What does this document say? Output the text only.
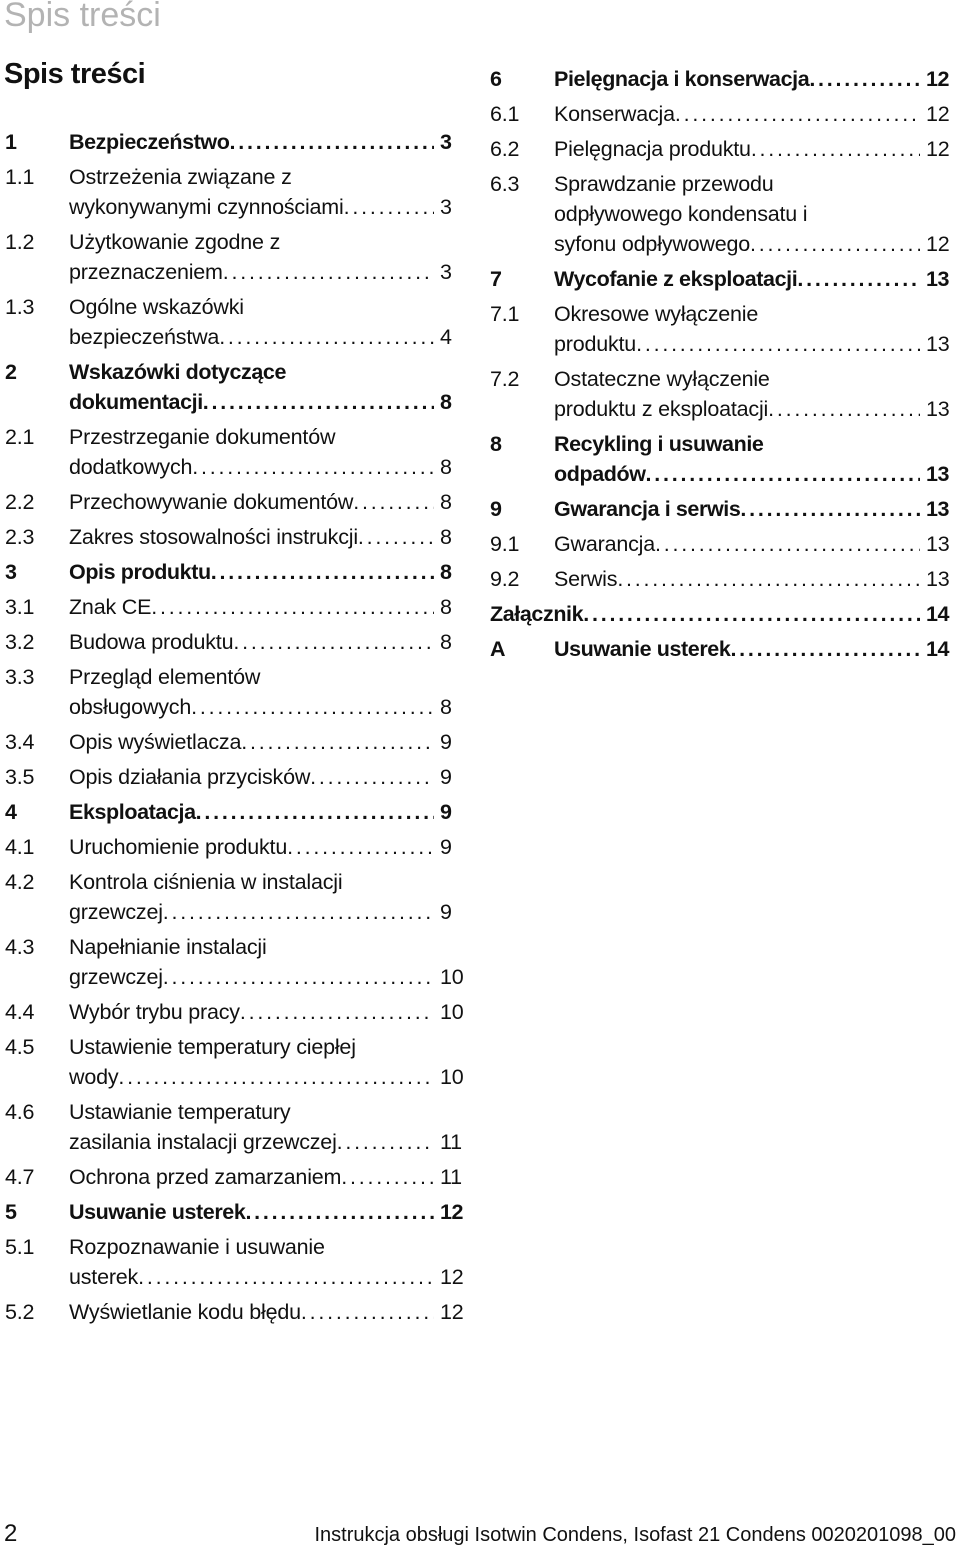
Spis treści
Spis treści
1	Bezpieczeństwo . . .	3
1.1	Ostrzeżenia związane z
wykonywanymi czynnościami . . .	3
1.2	Użytkowanie zgodne z
przeznaczeniem . . .	3
1.3	Ogólne wskazówki
bezpieczeństwa . . .	4
2	Wskazówki dotyczące
dokumentacji . . .	8
2.1	Przestrzeganie dokumentów
dodatkowych . . .	8
2.2	Przechowywanie dokumentów . . .	8
2.3	Zakres stosowalności instrukcji . . .	8
3	Opis produktu . . .	8
3.1	Znak CE . . .	8
3.2	Budowa produktu . . .	8
3.3	Przegląd elementów
obsługowych . . .	8
3.4	Opis wyświetlacza . . .	9
3.5	Opis działania przycisków . . .	9
4	Eksploatacja . . .	9
4.1	Uruchomienie produktu . . .	9
4.2	Kontrola ciśnienia w instalacji
grzewczej . . .	9
4.3	Napełnianie instalacji
grzewczej . . .	10
4.4	Wybór trybu pracy . . .	10
4.5	Ustawienie temperatury ciepłej
wody . . .	10
4.6	Ustawianie temperatury
zasilania instalacji grzewczej . . .	11
4.7	Ochrona przed zamarzaniem . . .	11
5	Usuwanie usterek . . .	12
5.1	Rozpoznawanie i usuwanie
usterek . . .	12
5.2	Wyświetlanie kodu błędu . . .	12
6	Pielęgnacja i konserwacja . . .	12
6.1	Konserwacja . . .	12
6.2	Pielęgnacja produktu . . .	12
6.3	Sprawdzanie przewodu
odpływowego kondensatu i
syfonu odpływowego . . .	12
7	Wycofanie z eksploatacji . . .	13
7.1	Okresowe wyłączenie
produktu . . .	13
7.2	Ostateczne wyłączenie
produktu z eksploatacji . . .	13
8	Recykling i usuwanie
odpadów . . .	13
9	Gwarancja i serwis . . .	13
9.1	Gwarancja . . .	13
9.2	Serwis . . .	13
Załącznik . . .	14
A	Usuwanie usterek . . .	14
2	Instrukcja obsługi Isotwin Condens, Isofast 21 Condens 0020201098_00
